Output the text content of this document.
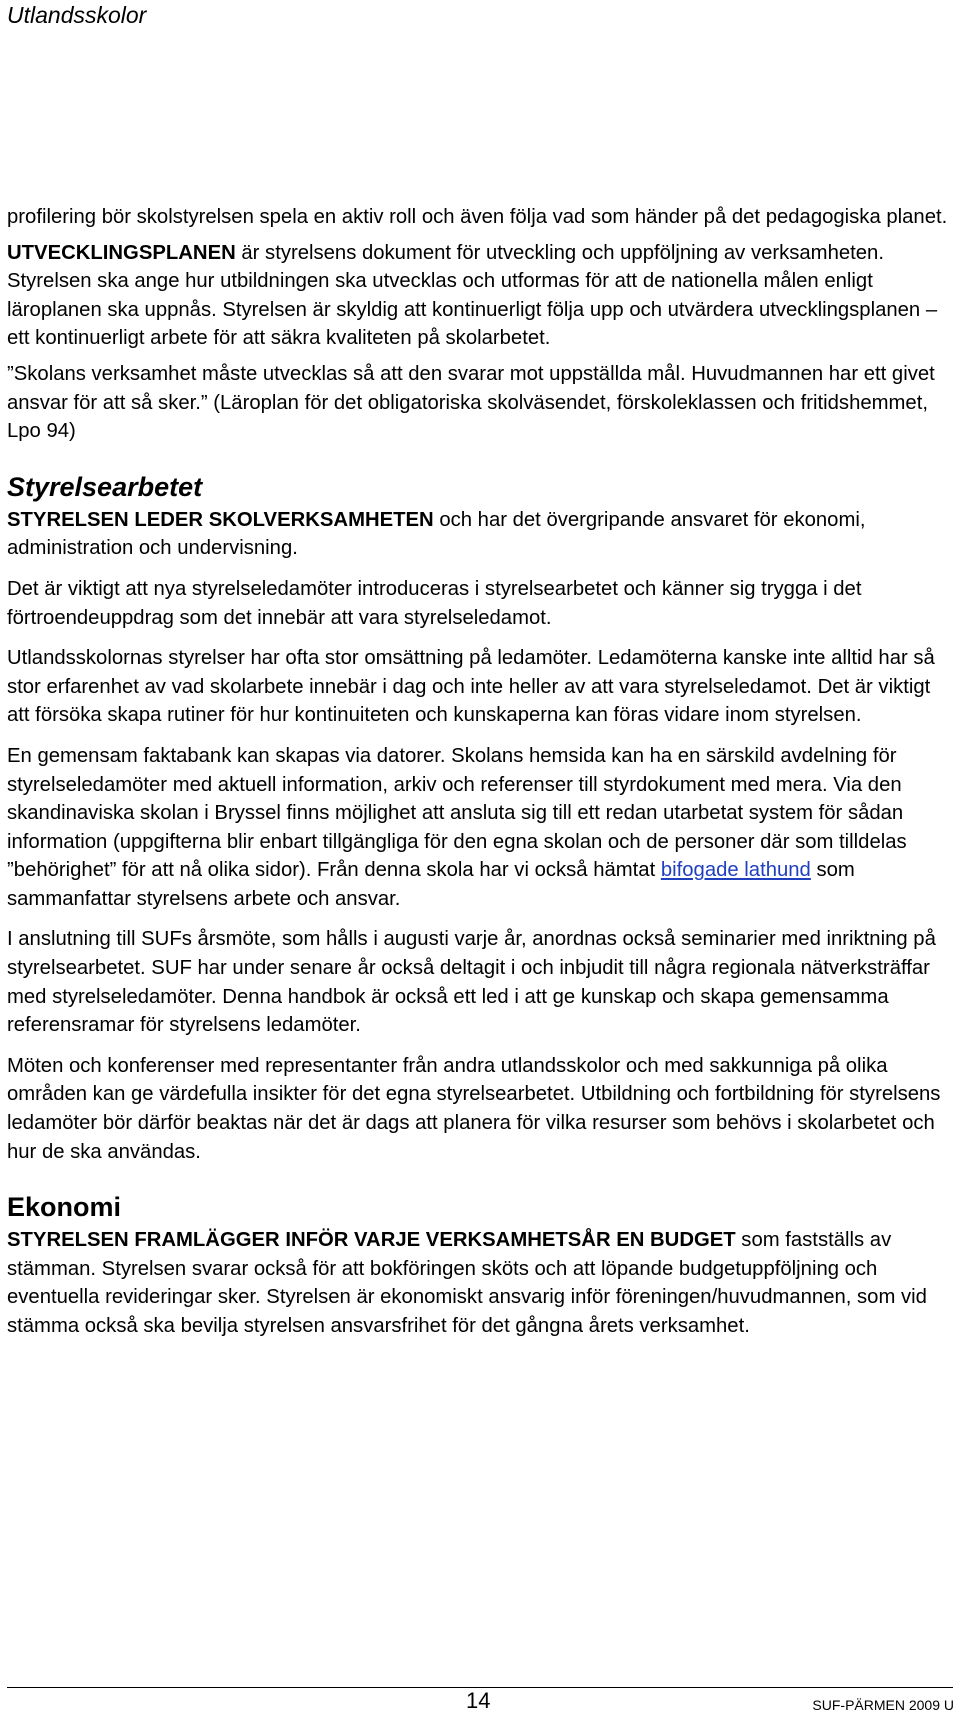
Utlandsskolor

profilering bör skolstyrelsen spela en aktiv roll och även följa vad som händer på det pedagogiska planet.

UTVECKLINGSPLANEN är styrelsens dokument för utveckling och uppföljning av verksamheten. Styrelsen ska ange hur utbildningen ska utvecklas och utformas för att de nationella målen enligt läroplanen ska uppnås. Styrelsen är skyldig att kontinuerligt följa upp och utvärdera utvecklingsplanen – ett kontinuerligt arbete för att säkra kvaliteten på skolarbetet.

”Skolans verksamhet måste utvecklas så att den svarar mot uppställda mål. Huvudmannen har ett givet ansvar för att så sker.” (Läroplan för det obligatoriska skolväsendet, förskoleklassen och fritidshemmet, Lpo 94)

Styrelsearbetet

STYRELSEN LEDER SKOLVERKSAMHETEN och har det övergripande ansvaret för ekonomi, administration och undervisning.

Det är viktigt att nya styrelseledamöter introduceras i styrelsearbetet och känner sig trygga i det förtroendeuppdrag som det innebär att vara styrelseledamot.

Utlandsskolornas styrelser har ofta stor omsättning på ledamöter. Ledamöterna kanske inte alltid har så stor erfarenhet av vad skolarbete innebär i dag och inte heller av att vara styrelseledamot. Det är viktigt att försöka skapa rutiner för hur kontinuiteten och kunskaperna kan föras vidare inom styrelsen.

En gemensam faktabank kan skapas via datorer. Skolans hemsida kan ha en särskild avdelning för styrelseledamöter med aktuell information, arkiv och referenser till styrdokument med mera. Via den skandinaviska skolan i Bryssel finns möjlighet att ansluta sig till ett redan utarbetat system för sådan information (uppgifterna blir enbart tillgängliga för den egna skolan och de personer där som tilldelas ”behörighet” för att nå olika sidor). Från denna skola har vi också hämtat bifogade lathund som sammanfattar styrelsens arbete och ansvar.

I anslutning till SUFs årsmöte, som hålls i augusti varje år, anordnas också seminarier med inriktning på styrelsearbetet. SUF har under senare år också deltagit i och inbjudit till några regionala nätverksträffar med styrelseledamöter. Denna handbok är också ett led i att ge kunskap och skapa gemensamma referensramar för styrelsens ledamöter.

Möten och konferenser med representanter från andra utlandsskolor och med sakkunniga på olika områden kan ge värdefulla insikter för det egna styrelsearbetet. Utbildning och fortbildning för styrelsens ledamöter bör därför beaktas när det är dags att planera för vilka resurser som behövs i skolarbetet och hur de ska användas.

Ekonomi

STYRELSEN FRAMLÄGGER INFÖR VARJE VERKSAMHETSÅR EN BUDGET som fastställs av stämman. Styrelsen svarar också för att bokföringen sköts och att löpande budgetuppföljning och eventuella revideringar sker. Styrelsen är ekonomiskt ansvarig inför föreningen/huvudmannen, som vid stämma också ska bevilja styrelsen ansvarsfrihet för det gångna årets verksamhet.

14	SUF-PÄRMEN 2009 U
